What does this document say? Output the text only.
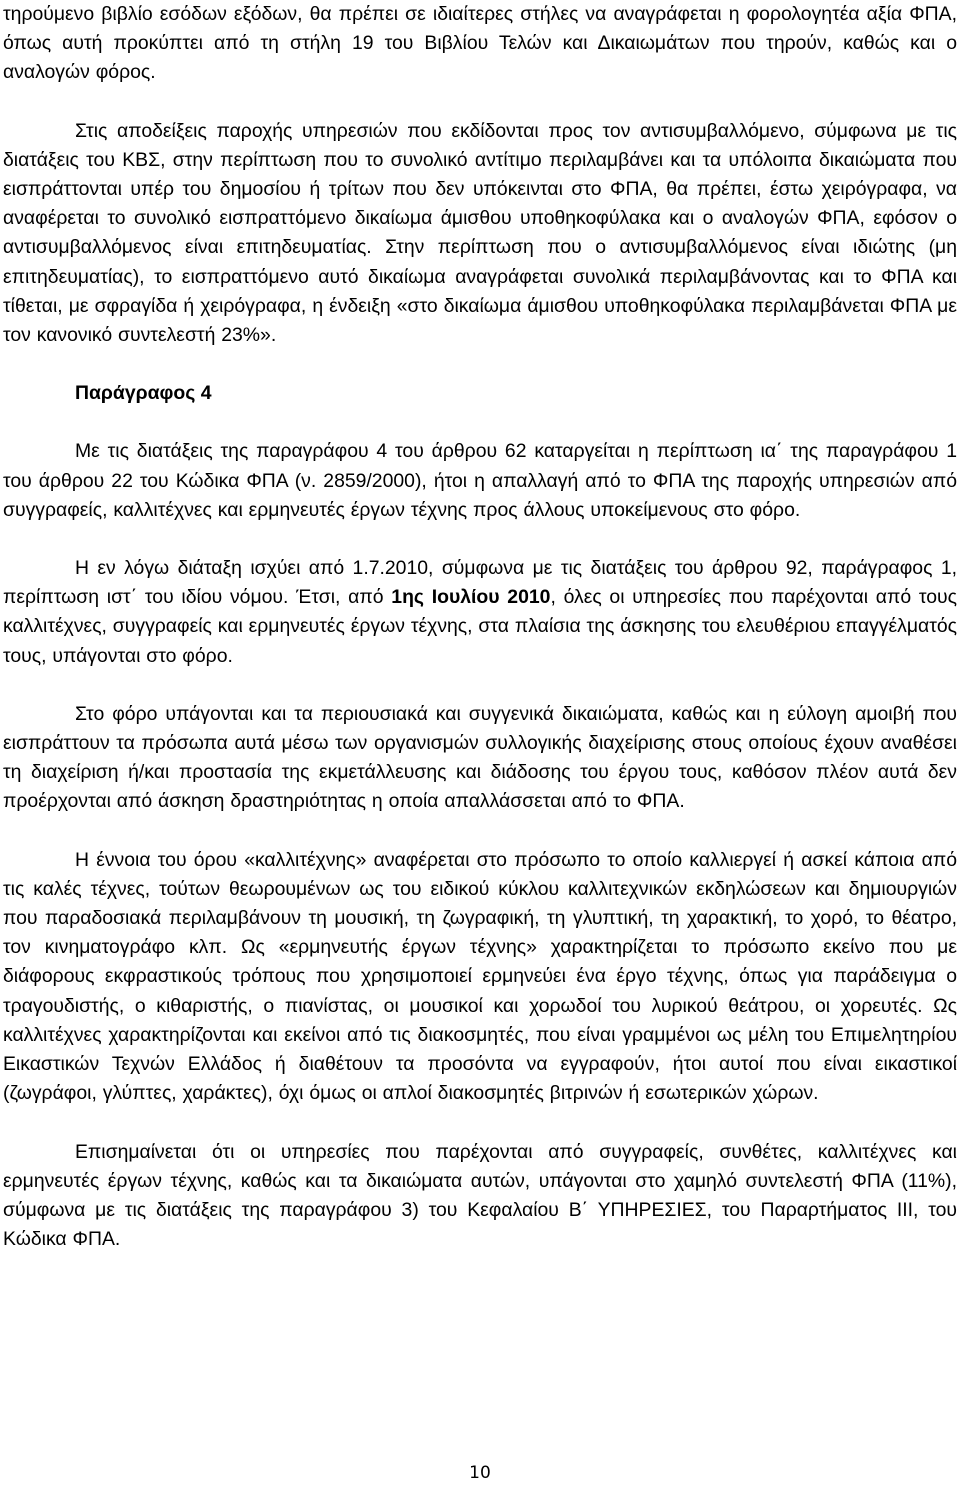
τηρούμενο βιβλίο εσόδων εξόδων, θα πρέπει σε ιδιαίτερες στήλες να αναγράφεται η φορολογητέα αξία ΦΠΑ, όπως αυτή προκύπτει από τη στήλη 19 του Βιβλίου Τελών και Δικαιωμάτων που τηρούν, καθώς και ο αναλογών φόρος.

Στις αποδείξεις παροχής υπηρεσιών που εκδίδονται προς τον αντισυμβαλλόμενο, σύμφωνα με τις διατάξεις του ΚΒΣ, στην περίπτωση που το συνολικό αντίτιμο περιλαμβάνει και τα υπόλοιπα δικαιώματα που εισπράττονται υπέρ του δημοσίου ή τρίτων που δεν υπόκεινται στο ΦΠΑ, θα πρέπει, έστω χειρόγραφα, να αναφέρεται το συνολικό εισπραττόμενο δικαίωμα άμισθου υποθηκοφύλακα και ο αναλογών ΦΠΑ, εφόσον ο αντισυμβαλλόμενος είναι επιτηδευματίας. Στην περίπτωση που ο αντισυμβαλλόμενος είναι ιδιώτης (μη επιτηδευματίας), το εισπραττόμενο αυτό δικαίωμα αναγράφεται συνολικά περιλαμβάνοντας και το ΦΠΑ και τίθεται, με σφραγίδα ή χειρόγραφα, η ένδειξη «στο δικαίωμα άμισθου υποθηκοφύλακα περιλαμβάνεται ΦΠΑ με τον κανονικό συντελεστή 23%».

Παράγραφος 4

Με τις διατάξεις της παραγράφου 4 του άρθρου 62 καταργείται η περίπτωση ια΄ της παραγράφου 1 του άρθρου 22 του Κώδικα ΦΠΑ (ν. 2859/2000), ήτοι η απαλλαγή από το ΦΠΑ της παροχής υπηρεσιών από συγγραφείς, καλλιτέχνες και ερμηνευτές έργων τέχνης προς άλλους υποκείμενους στο φόρο.

Η εν λόγω διάταξη ισχύει από 1.7.2010, σύμφωνα με τις διατάξεις του άρθρου 92, παράγραφος 1, περίπτωση ιστ΄ του ιδίου νόμου. Έτσι, από 1ης Ιουλίου 2010, όλες οι υπηρεσίες που παρέχονται από τους καλλιτέχνες, συγγραφείς και ερμηνευτές έργων τέχνης, στα πλαίσια της άσκησης του ελευθέριου επαγγέλματός τους, υπάγονται στο φόρο.

Στο φόρο υπάγονται και τα περιουσιακά και συγγενικά δικαιώματα, καθώς και η εύλογη αμοιβή που εισπράττουν τα πρόσωπα αυτά μέσω των οργανισμών συλλογικής διαχείρισης στους οποίους έχουν αναθέσει τη διαχείριση ή/και προστασία της εκμετάλλευσης και διάδοσης του έργου τους, καθόσον πλέον αυτά δεν προέρχονται από άσκηση δραστηριότητας η οποία απαλλάσσεται από το ΦΠΑ.

Η έννοια του όρου «καλλιτέχνης» αναφέρεται στο πρόσωπο το οποίο καλλιεργεί ή ασκεί κάποια από τις καλές τέχνες, τούτων θεωρουμένων ως του ειδικού κύκλου καλλιτεχνικών εκδηλώσεων και δημιουργιών που παραδοσιακά περιλαμβάνουν τη μουσική, τη ζωγραφική, τη γλυπτική, τη χαρακτική, το χορό, το θέατρο, τον κινηματογράφο κλπ. Ως «ερμηνευτής έργων τέχνης» χαρακτηρίζεται το πρόσωπο εκείνο που με διάφορους εκφραστικούς τρόπους που χρησιμοποιεί ερμηνεύει ένα έργο τέχνης, όπως για παράδειγμα ο τραγουδιστής, ο κιθαριστής, ο πιανίστας, οι μουσικοί και χορωδοί του λυρικού θεάτρου, οι χορευτές. Ως καλλιτέχνες χαρακτηρίζονται και εκείνοι από τις διακοσμητές, που είναι γραμμένοι ως μέλη του Επιμελητηρίου Εικαστικών Τεχνών Ελλάδος ή διαθέτουν τα προσόντα να εγγραφούν, ήτοι αυτοί που είναι εικαστικοί (ζωγράφοι, γλύπτες, χαράκτες), όχι όμως οι απλοί διακοσμητές βιτρινών ή εσωτερικών χώρων.

Επισημαίνεται ότι οι υπηρεσίες που παρέχονται από συγγραφείς, συνθέτες, καλλιτέχνες και ερμηνευτές έργων τέχνης, καθώς και τα δικαιώματα αυτών, υπάγονται στο χαμηλό συντελεστή ΦΠΑ (11%), σύμφωνα με τις διατάξεις της παραγράφου 3) του Κεφαλαίου Β΄ ΥΠΗΡΕΣΙΕΣ, του Παραρτήματος ΙΙΙ, του Κώδικα ΦΠΑ.

10
